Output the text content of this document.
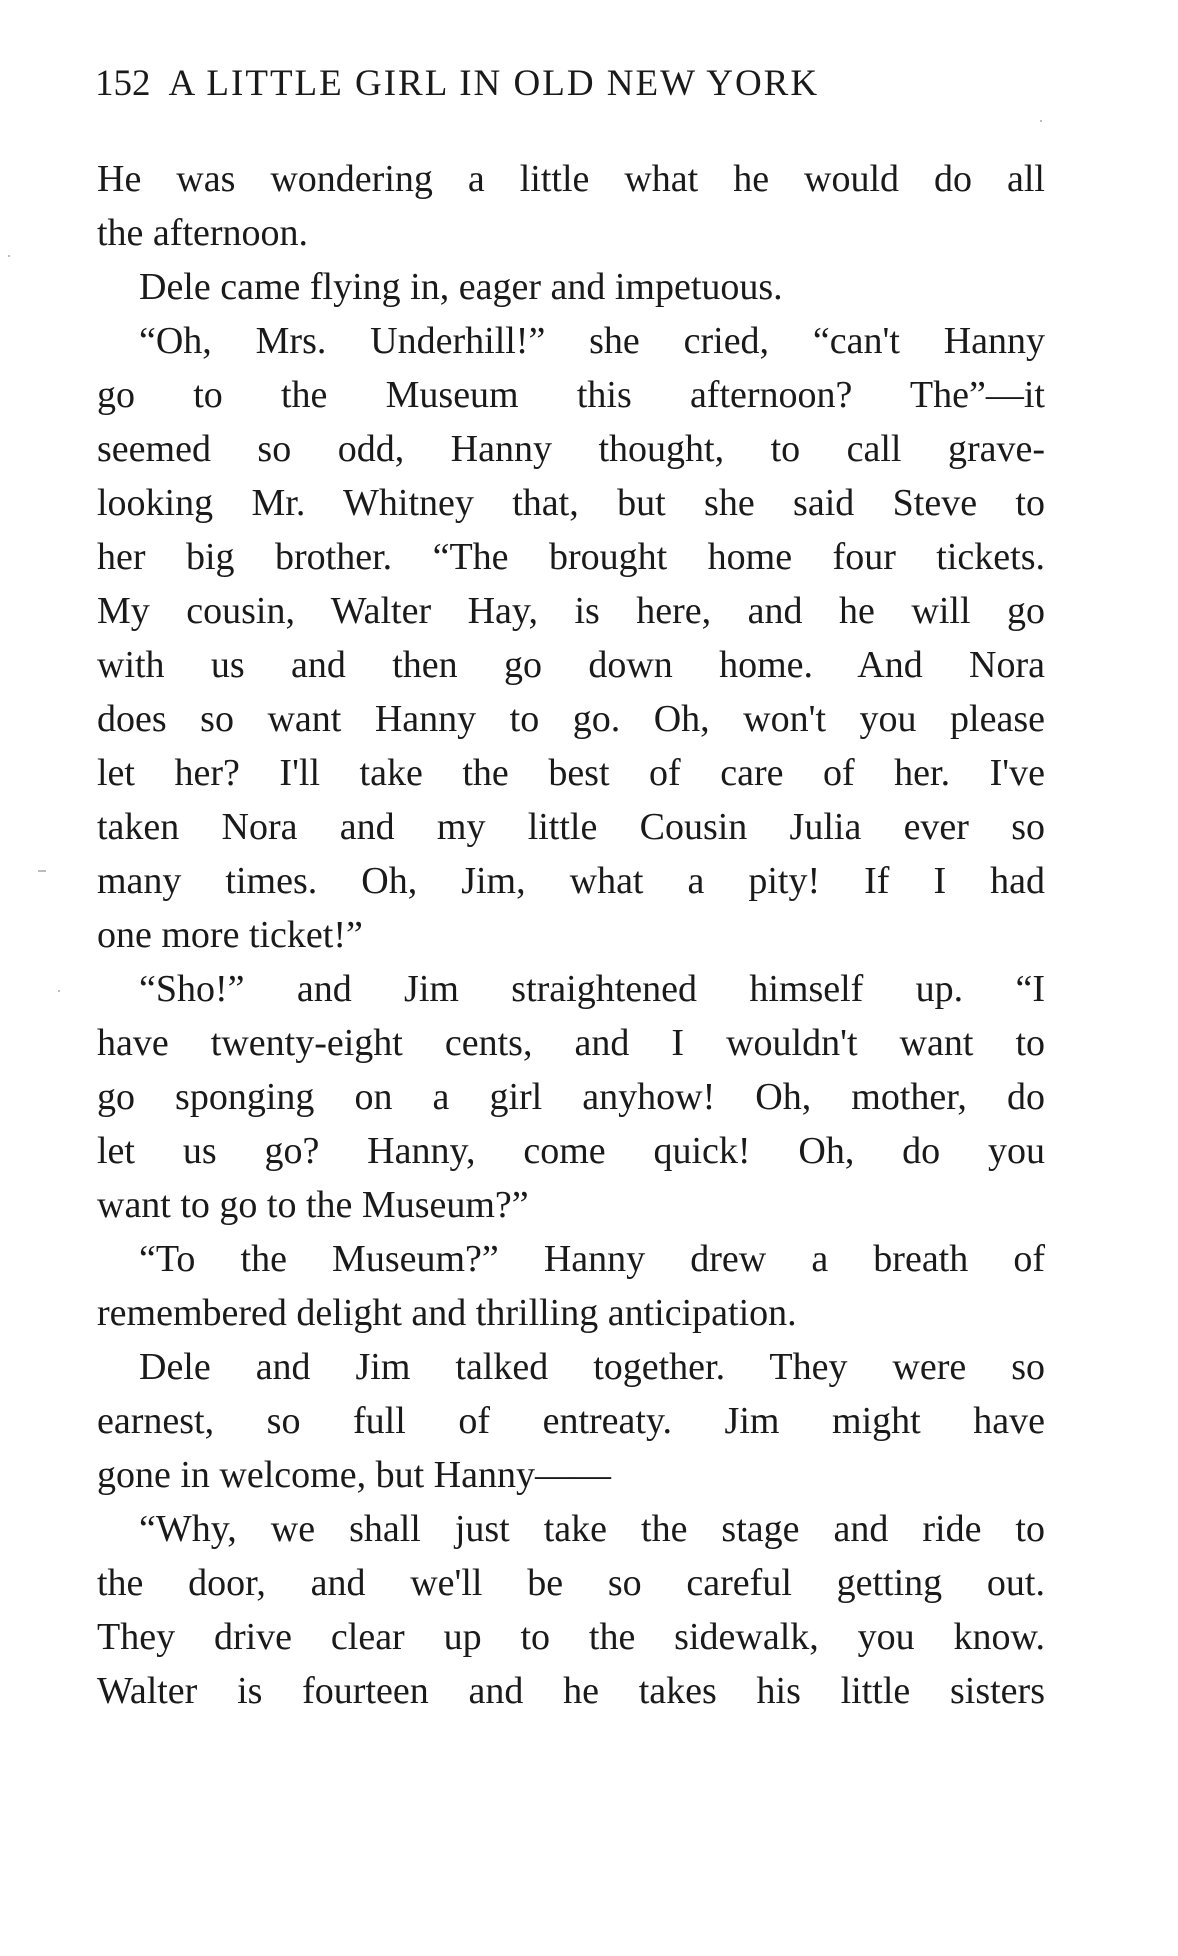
152 A LITTLE GIRL IN OLD NEW YORK
He was wondering a little what he would do all
the afternoon.
Dele came flying in, eager and impetuous.
“Oh, Mrs. Underhill!” she cried, “can't Hanny
go to the Museum this afternoon? The”—it
seemed so odd, Hanny thought, to call grave-
looking Mr. Whitney that, but she said Steve to
her big brother. “The brought home four tickets.
My cousin, Walter Hay, is here, and he will go
with us and then go down home. And Nora
does so want Hanny to go. Oh, won't you please
let her? I'll take the best of care of her. I've
taken Nora and my little Cousin Julia ever so
many times. Oh, Jim, what a pity! If I had
one more ticket!”
“Sho!” and Jim straightened himself up. “I
have twenty-eight cents, and I wouldn't want to
go sponging on a girl anyhow! Oh, mother, do
let us go? Hanny, come quick! Oh, do you
want to go to the Museum?”
“To the Museum?” Hanny drew a breath of
remembered delight and thrilling anticipation.
Dele and Jim talked together. They were so
earnest, so full of entreaty. Jim might have
gone in welcome, but Hanny——
“Why, we shall just take the stage and ride to
the door, and we'll be so careful getting out.
They drive clear up to the sidewalk, you know.
Walter is fourteen and he takes his little sisters
